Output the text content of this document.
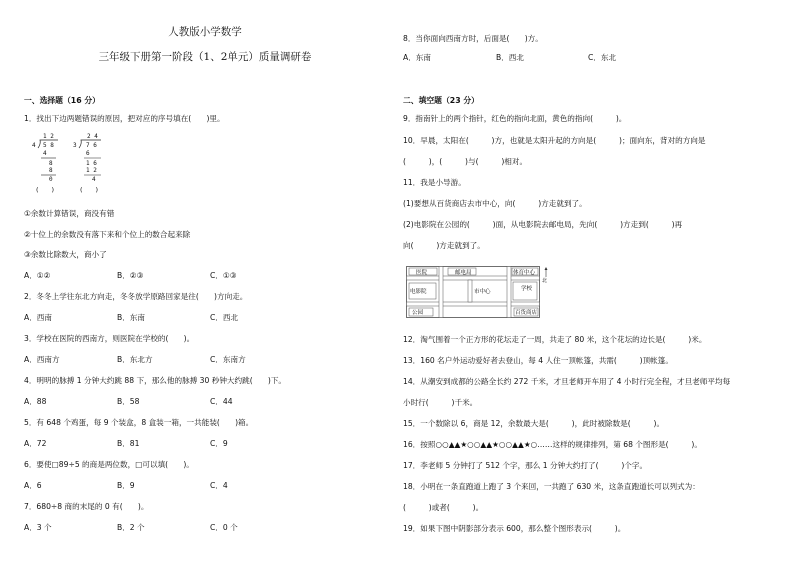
人教版小学数学
三年级下册第一阶段（1、2单元）质量调研卷
一、选择题（16 分）
1．找出下边两题错误的原因，把对应的序号填在(　　)里。
1 2
4 5 8
4
8
8
0
(　　)
2 4
3 7 6
6
1 6
1 2
4
(　　)
①余数计算错误，商没有错
②十位上的余数没有落下来和个位上的数合起来除
③余数比除数大，商小了
A．①②	B．②③	C．①③
2．冬冬上学往东北方向走，冬冬放学原路回家是往(　　)方向走。
A．西南	B．东南	C．西北
3．学校在医院的西南方，则医院在学校的(　　)。
A．西南方	B．东北方	C．东南方
4．明明的脉搏 1 分钟大约跳 88 下，那么他的脉搏 30 秒钟大约跳(　　)下。
A．88	B．58	C．44
5．有 648 个鸡蛋，每 9 个装盒，8 盒装一箱，一共能装(　　)箱。
A．72	B．81	C．9
6．要使□89÷5 的商是两位数，□可以填(　　)。
A．6	B．9	C．4
7．680÷8 商的末尾的 0 有(　　)。
A．3 个	B．2 个	C．0 个
8．当你面向西南方时，后面是(　　)方。
A．东南	B．西北	C．东北
二、填空题（23 分）
9．指南针上的两个指针，红色的指向北面，黄色的指向(　　　)。
10．早晨，太阳在(　　　)方，也就是太阳升起的方向是(　　　)；面向东，背对的方向是
(　　　)，(　　　)与(　　　)相对。
11．我是小导游。
(1)要想从百货商店去市中心，向(　　　)方走就到了。
(2)电影院在公园的(　　　)面，从电影院去邮电局，先向(　　　)方走到(　　　)再
向(　　　)方走就到了。
医院	邮电局	体育中心
电影院	市中心	学校
公园	百货商店
北
12．淘气围着一个正方形的花坛走了一周，共走了 80 米，这个花坛的边长是(　　　)米。
13．160 名户外运动爱好者去登山，每 4 人住一顶帐篷，共需(　　　)顶帐篷。
14．从潮安到成都的公路全长约 272 千米，才旦老师开车用了 4 小时行完全程，才旦老师平均每
小时行(　　　)千米。
15．一个数除以 6，商是 12，余数最大是(　　　)，此时被除数是(　　　)。
16．按照○○▲▲★○○▲▲★○○▲▲★○……这样的规律排列，第 68 个图形是(　　　)。
17．李老师 5 分钟打了 512 个字，那么 1 分钟大约打了(　　　)个字。
18．小明在一条直跑道上跑了 3 个来回，一共跑了 630 米，这条直跑道长可以列式为：
(　　　)或者(　　　)。
19．如果下图中阴影部分表示 600，那么整个图形表示(　　　)。
